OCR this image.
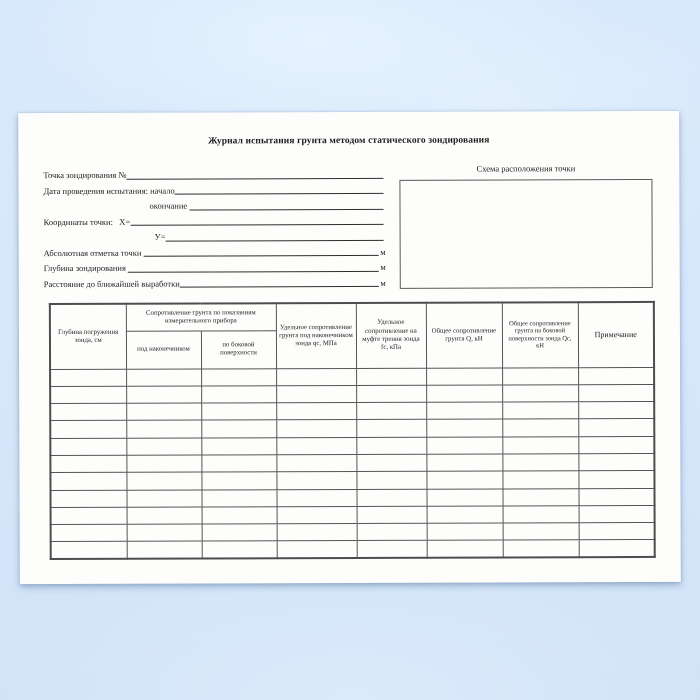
Журнал испытания грунта методом статического зондирования
Точка зондирования №
Дата проведения испытания: начало
окончание
Координаты точки:   Х=
У=
Абсолютная отметка точки	м
Глубина зондирования	м
Расстояние до ближайшей выработки	м
Схема расположения точки
Глубина погружения зонда, см	Сопротивление грунта по показаниям измерительного прибора		Удельное сопротивление грунта под наконечником зонда qс, МПа	Удельное сопротивление на муфте трения зонда fс, кПа	Общее сопротивление грунта Q, кН	Общее сопротивление грунта на боковой поверхности зонда Qс, кН	Примечание
	под наконечником	по боковой поверхности					
